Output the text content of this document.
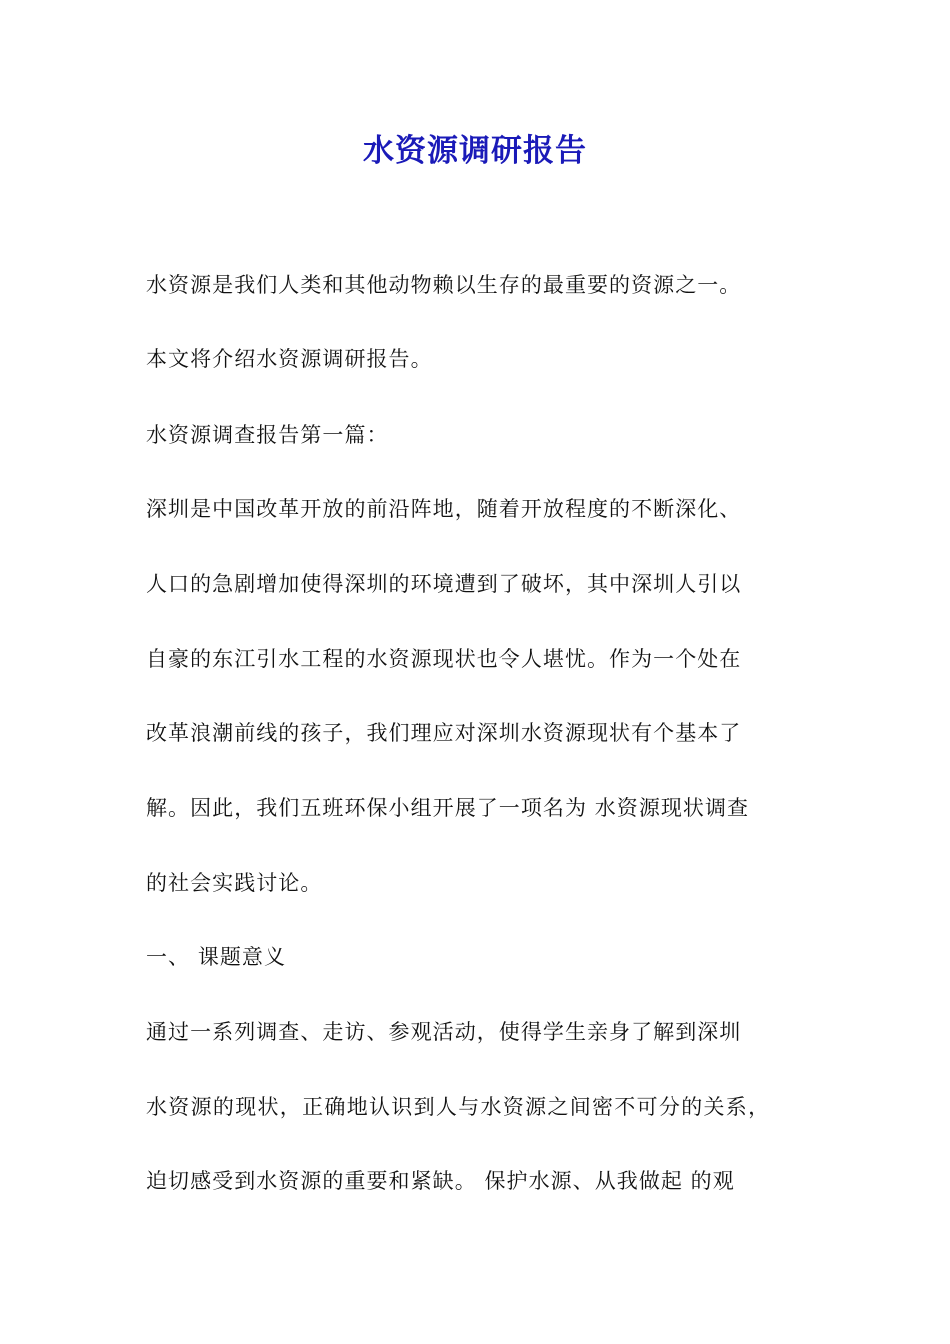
水资源调研报告
水资源是我们人类和其他动物赖以生存的最重要的资源之一。
本文将介绍水资源调研报告。
水资源调查报告第一篇：
深圳是中国改革开放的前沿阵地，随着开放程度的不断深化、
人口的急剧增加使得深圳的环境遭到了破坏，其中深圳人引以
自豪的东江引水工程的水资源现状也令人堪忧。作为一个处在
改革浪潮前线的孩子，我们理应对深圳水资源现状有个基本了
解。因此，我们五班环保小组开展了一项名为 水资源现状调查
的社会实践讨论。
一、 课题意义
通过一系列调查、走访、参观活动，使得学生亲身了解到深圳
水资源的现状，正确地认识到人与水资源之间密不可分的关系，
迫切感受到水资源的重要和紧缺。 保护水源、从我做起 的观
